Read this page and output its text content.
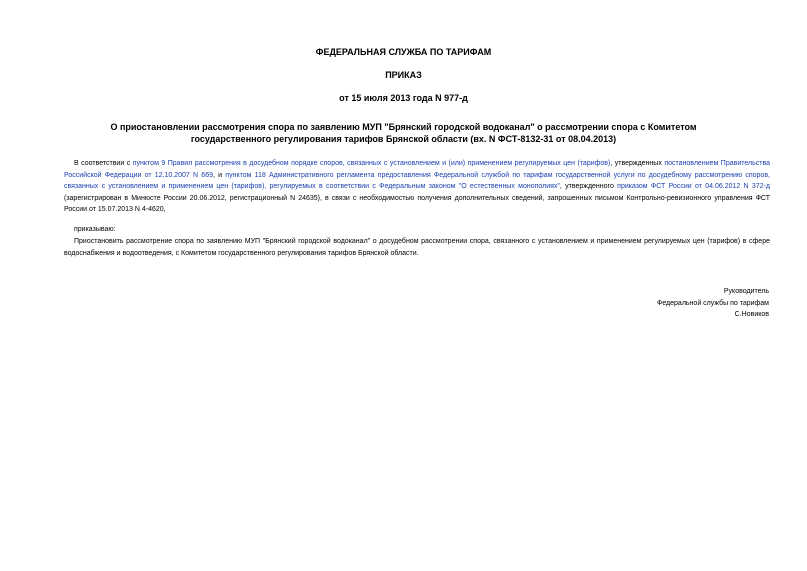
ФЕДЕРАЛЬНАЯ СЛУЖБА ПО ТАРИФАМ
ПРИКАЗ
от 15 июля 2013 года N 977-д
О приостановлении рассмотрения спора по заявлению МУП "Брянский городской водоканал" о рассмотрении спора с Комитетом государственного регулирования тарифов Брянской области (вх. N ФСТ-8132-31 от 08.04.2013)
В соответствии с пунктом 9 Правил рассмотрения в досудебном порядке споров, связанных с установлением и (или) применением регулируемых цен (тарифов), утвержденных постановлением Правительства Российской Федерации от 12.10.2007 N 669, и пунктом 118 Административного регламента предоставления Федеральной службой по тарифам государственной услуги по досудебному рассмотрению споров, связанных с установлением и применением цен (тарифов), регулируемых в соответствии с Федеральным законом "О естественных монополиях", утвержденного приказом ФСТ России от 04.06.2012 N 372-д (зарегистрирован в Минюсте России 20.06.2012, регистрационный N 24635), в связи с необходимостью получения дополнительных сведений, запрошенных письмом Контрольно-ревизионного управления ФСТ России от 15.07.2013 N 4-4620,
приказываю:
Приостановить рассмотрение спора по заявлению МУП "Брянский городской водоканал" о досудебном рассмотрении спора, связанного с установлением и применением регулируемых цен (тарифов) в сфере водоснабжения и водоотведения, с Комитетом государственного регулирования тарифов Брянской области.
Руководитель
Федеральной службы по тарифам
С.Новиков
